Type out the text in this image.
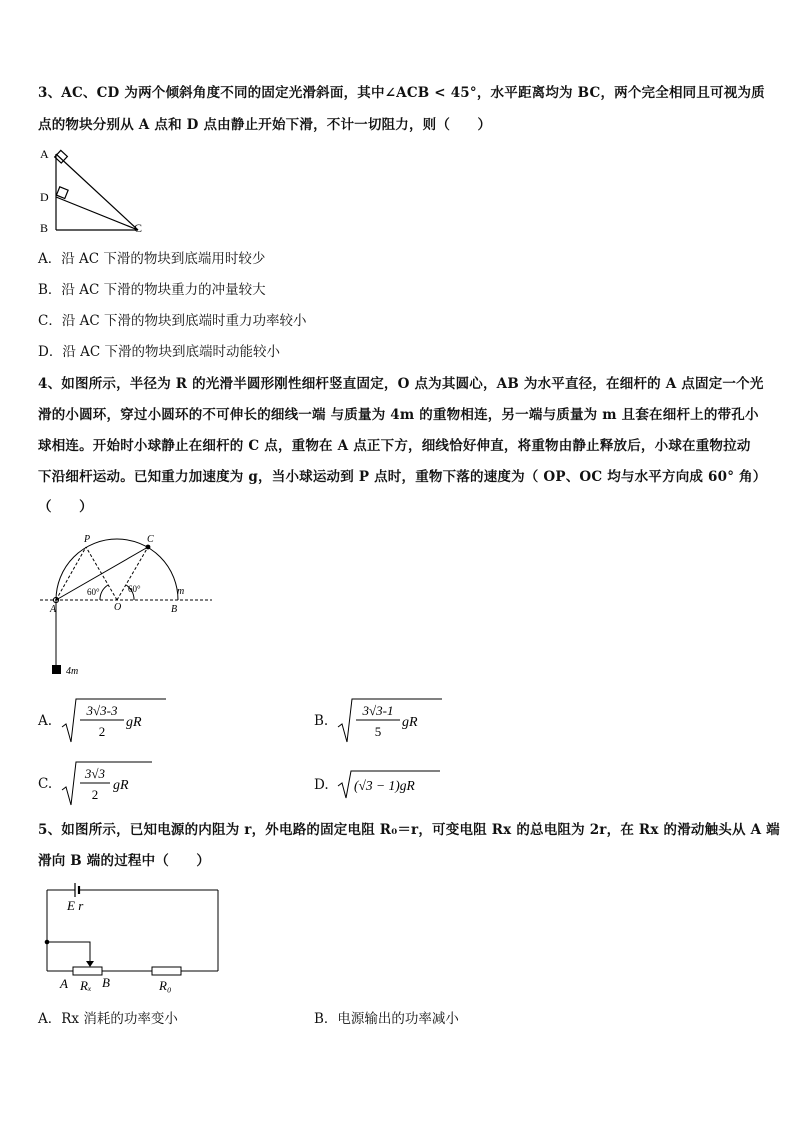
3、AC、CD 为两个倾斜角度不同的固定光滑斜面，其中∠ACB < 45°，水平距离均为 BC，两个完全相同且可视为质
点的物块分别从 A 点和 D 点由静止开始下滑，不计一切阻力，则（　　）
A
D
B	C
A．沿 AC 下滑的物块到底端用时较少
B．沿 AC 下滑的物块重力的冲量较大
C．沿 AC 下滑的物块到底端时重力功率较小
D．沿 AC 下滑的物块到底端时动能较小
4、如图所示，半径为 R 的光滑半圆形刚性细杆竖直固定，O 点为其圆心，AB 为水平直径，在细杆的 A 点固定一个光
滑的小圆环，穿过小圆环的不可伸长的细线一端 与质量为 4m 的重物相连，另一端与质量为 m 且套在细杆上的带孔小
球相连。开始时小球静止在细杆的 C 点，重物在 A 点正下方，细线恰好伸直，将重物由静止释放后，小球在重物拉动
下沿细杆运动。已知重力加速度为 g，当小球运动到 P 点时，重物下落的速度为（ OP、OC 均与水平方向成 60° 角）
（　　）
P	C
A	O	B
m
60°	60°
4m
A.
3√3-3
2
gR	B.
3√3-1
5
gR
C.
3√3
2
gR	D. (√3 − 1)gR
5、如图所示，已知电源的内阻为 r，外电路的固定电阻 R₀＝r，可变电阻 Rx 的总电阻为 2r，在 Rx 的滑动触头从 A 端
滑向 B 端的过程中（　　）
E r
A Rₓ B	R₀
A．Rx 消耗的功率变小	B．电源输出的功率减小
